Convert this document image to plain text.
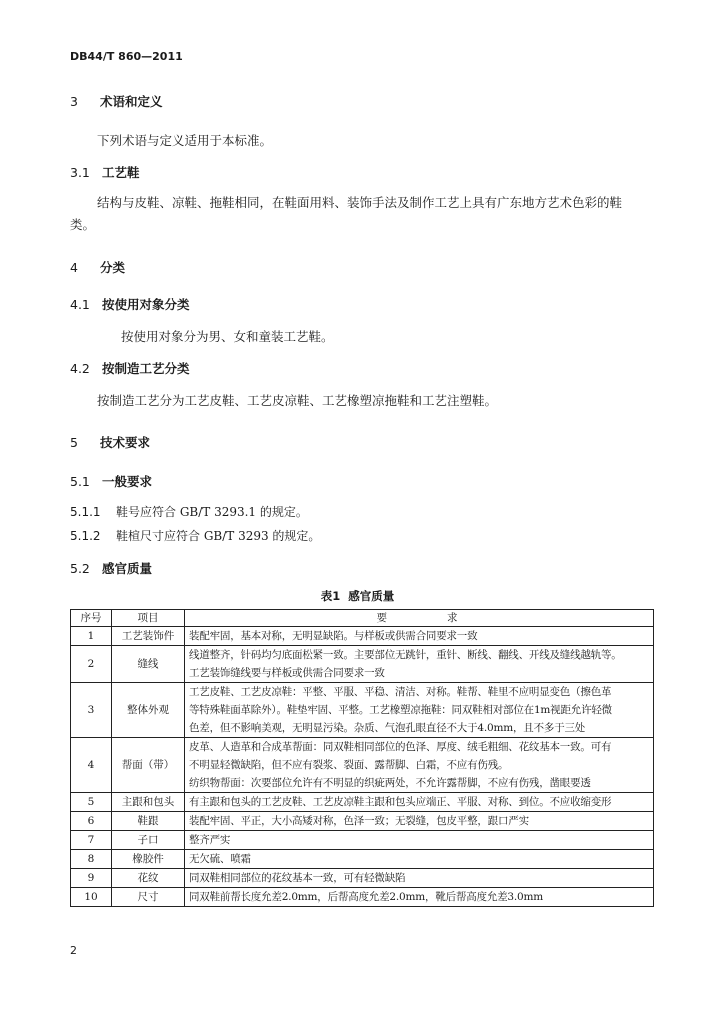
DB44/T 860—2011
3 术语和定义
下列术语与定义适用于本标准。
3.1 工艺鞋
结构与皮鞋、凉鞋、拖鞋相同，在鞋面用料、装饰手法及制作工艺上具有广东地方艺术色彩的鞋
类。
4 分类
4.1 按使用对象分类
按使用对象分为男、女和童装工艺鞋。
4.2 按制造工艺分类
按制造工艺分为工艺皮鞋、工艺皮凉鞋、工艺橡塑凉拖鞋和工艺注塑鞋。
5 技术要求
5.1 一般要求
5.1.1 鞋号应符合 GB/T 3293.1 的规定。
5.1.2 鞋楦尺寸应符合 GB/T 3293 的规定。
5.2 感官质量
表1 感官质量
序号	项目	要求
1	工艺装饰件	装配牢固，基本对称，无明显缺陷。与样板或供需合同要求一致

2	缝线	线道整齐，针码均匀底面松紧一致。主要部位无跳针，重针、断线、翻线、开线及缝线越轨等。
工艺装饰缝线要与样板或供需合同要求一致

3	整体外观	工艺皮鞋、工艺皮凉鞋：平整、平服、平稳、清洁、对称。鞋帮、鞋里不应明显变色（擦色革
等特殊鞋面革除外）。鞋垫牢固、平整。工艺橡塑凉拖鞋：同双鞋相对部位在1m视距允许轻微
色差，但不影响美观，无明显污染。杂质、气泡孔眼直径不大于4.0mm，且不多于三处

4	帮面（带）	皮革、人造革和合成革帮面：同双鞋相同部位的色泽、厚度、绒毛粗细、花纹基本一致。可有
不明显轻微缺陷，但不应有裂浆、裂面、露帮脚、白霜，不应有伤残。
纺织物帮面：次要部位允许有不明显的织疵两处，不允许露帮脚，不应有伤残，凿眼要透

5	主跟和包头	有主跟和包头的工艺皮鞋、工艺皮凉鞋主跟和包头应端正、平服、对称、到位。不应收缩变形

6	鞋跟	装配牢固、平正，大小高矮对称，色泽一致；无裂缝，包皮平整，跟口严实

7	子口	整齐严实

8	橡胶件	无欠硫、喷霜

9	花纹	同双鞋相同部位的花纹基本一致，可有轻微缺陷

10	尺寸	同双鞋前帮长度允差2.0mm，后帮高度允差2.0mm，靴后帮高度允差3.0mm
2
